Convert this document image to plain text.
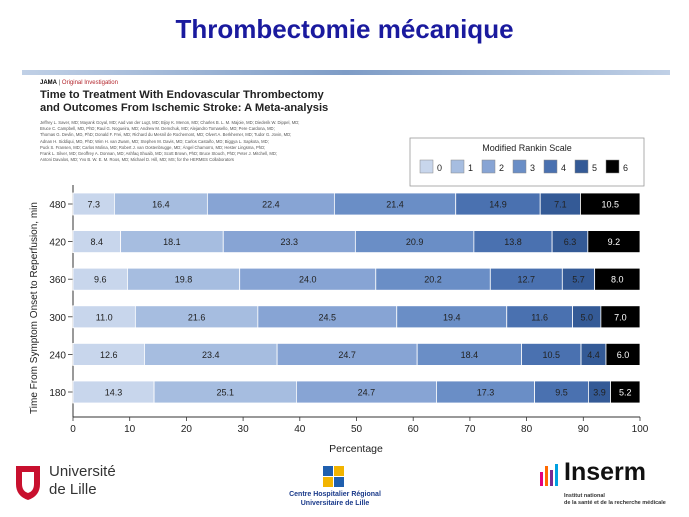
Thrombectomie mécanique
JAMA | Original Investigation
Time to Treatment With Endovascular Thrombectomy
and Outcomes From Ischemic Stroke: A Meta-analysis
Jeffrey L. Saver, MD; Mayank Goyal, MD; Aad van der Lugt, MD; Bijoy K. Menon, MD; Charles B. L. M. Majoie, MD; Diederik W. Dippel, MD;
Bruce C. Campbell, MD, PhD; Raul G. Nogueira, MD; Andrew M. Demchuk, MD; Alejandro Tomasello, MD; Pere Cardona, MD;
Thomas G. Devlin, MD, PhD; Donald F. Frei, MD; Richard du Mesnil de Rochemont, MD; Olvert A. Berkhemer, MD; Tudor G. Jovin, MD;
Adnan H. Siddiqui, MD, PhD; Wim H. van Zwam, MD; Stephen M. Davis, MD; Carlos Castaño, MD; Biggya L. Sapkota, MD;
Puck S. Fransen, MD; Carlos Molina, MD; Robert J. van Oostenbrugge, MD; Ángel Chamorro, MD; Hester Lingsma, PhD;
Frank L. Silver, MD; Geoffrey A. Donnan, MD; Ashfaq Shuaib, MD; Scott Brown, PhD; Bruce Stouch, PhD; Peter J. Mitchell, MD;
Antoni Davalos, MD; Yvo B. W. E. M. Roos, MD; Michael D. Hill, MD; MS; for the HERMES Collaborators
Modified Rankin Scale
0	1	2	3	4	5	6
480
420
360
300
240
180
0	10	20	30	40	50	60	70	80	90	100
7.3	16.4	22.4	21.4	14.9	7.1	10.5
8.4	18.1	23.3	20.9	13.8	6.3	9.2
9.6	19.8	24.0	20.2	12.7	5.7	8.0
11.0	21.6	24.5	19.4	11.6	5.0 7.0
12.6	23.4	24.7	18.4	10.5	4.4 6.0
14.3	25.1	24.7	17.3	9.5	3.9 5.2
Percentage
Time From Symptom Onset to Reperfusion, min
Université
de Lille	Centre Hospitalier Régional
Universitaire de Lille
Inserm
Institut national
de la santé et de la recherche médicale
